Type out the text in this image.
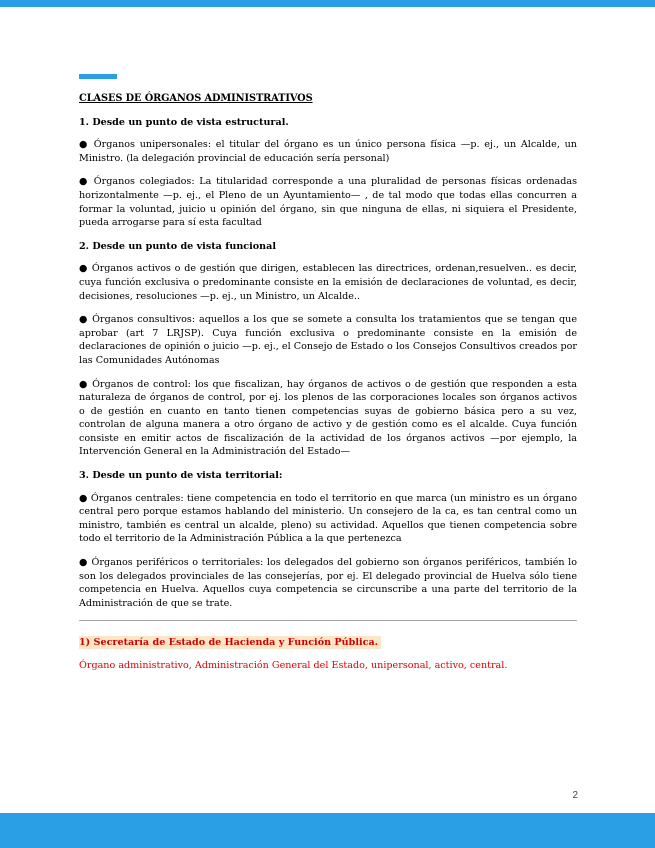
CLASES DE ÓRGANOS ADMINISTRATIVOS
1. Desde un punto de vista estructural.

● Órganos unipersonales: el titular del órgano es un único persona física —p. ej., un Alcalde, un Ministro. (la delegación provincial de educación sería personal)

● Órganos colegiados: La titularidad corresponde a una pluralidad de personas físicas ordenadas horizontalmente —p. ej., el Pleno de un Ayuntamiento— , de tal modo que todas ellas concurren a formar la voluntad, juicio u opinión del órgano, sin que ninguna de ellas, ni siquiera el Presidente, pueda arrogarse para sí esta facultad

2. Desde un punto de vista funcional

● Órganos activos o de gestión que dirigen, establecen las directrices, ordenan,resuelven.. es decir, cuya función exclusiva o predominante consiste en la emisión de declaraciones de voluntad, es decir, decisiones, resoluciones —p. ej., un Ministro, un Alcalde..

● Órganos consultivos: aquellos a los que se somete a consulta los tratamientos que se tengan que aprobar (art 7 LRJSP). Cuya función exclusiva o predominante consiste en la emisión de declaraciones de opinión o juicio —p. ej., el Consejo de Estado o los Consejos Consultivos creados por las Comunidades Autónomas

● Órganos de control: los que fiscalizan, hay órganos de activos o de gestión que responden a esta naturaleza de órganos de control, por ej. los plenos de las corporaciones locales son órganos activos o de gestión en cuanto en tanto tienen competencias suyas de gobierno básica pero a su vez, controlan de alguna manera a otro órgano de activo y de gestión como es el alcalde. Cuya función consiste en emitir actos de fiscalización de la actividad de los órganos activos —por ejemplo, la Intervención General en la Administración del Estado—

3. Desde un punto de vista territorial:

● Órganos centrales: tiene competencia en todo el territorio en que marca (un ministro es un órgano central pero porque estamos hablando del ministerio. Un consejero de la ca, es tan central como un ministro, también es central un alcalde, pleno) su actividad. Aquellos que tienen competencia sobre todo el territorio de la Administración Pública a la que pertenezca

● Órganos periféricos o territoriales: los delegados del gobierno son órganos periféricos, también lo son los delegados provinciales de las consejerías, por ej. El delegado provincial de Huelva sólo tiene competencia en Huelva. Aquellos cuya competencia se circunscribe a una parte del territorio de la Administración de que se trate.

1) Secretaría de Estado de Hacienda y Función Pública.

Órgano administrativo, Administración General del Estado, unipersonal, activo, central.

2
